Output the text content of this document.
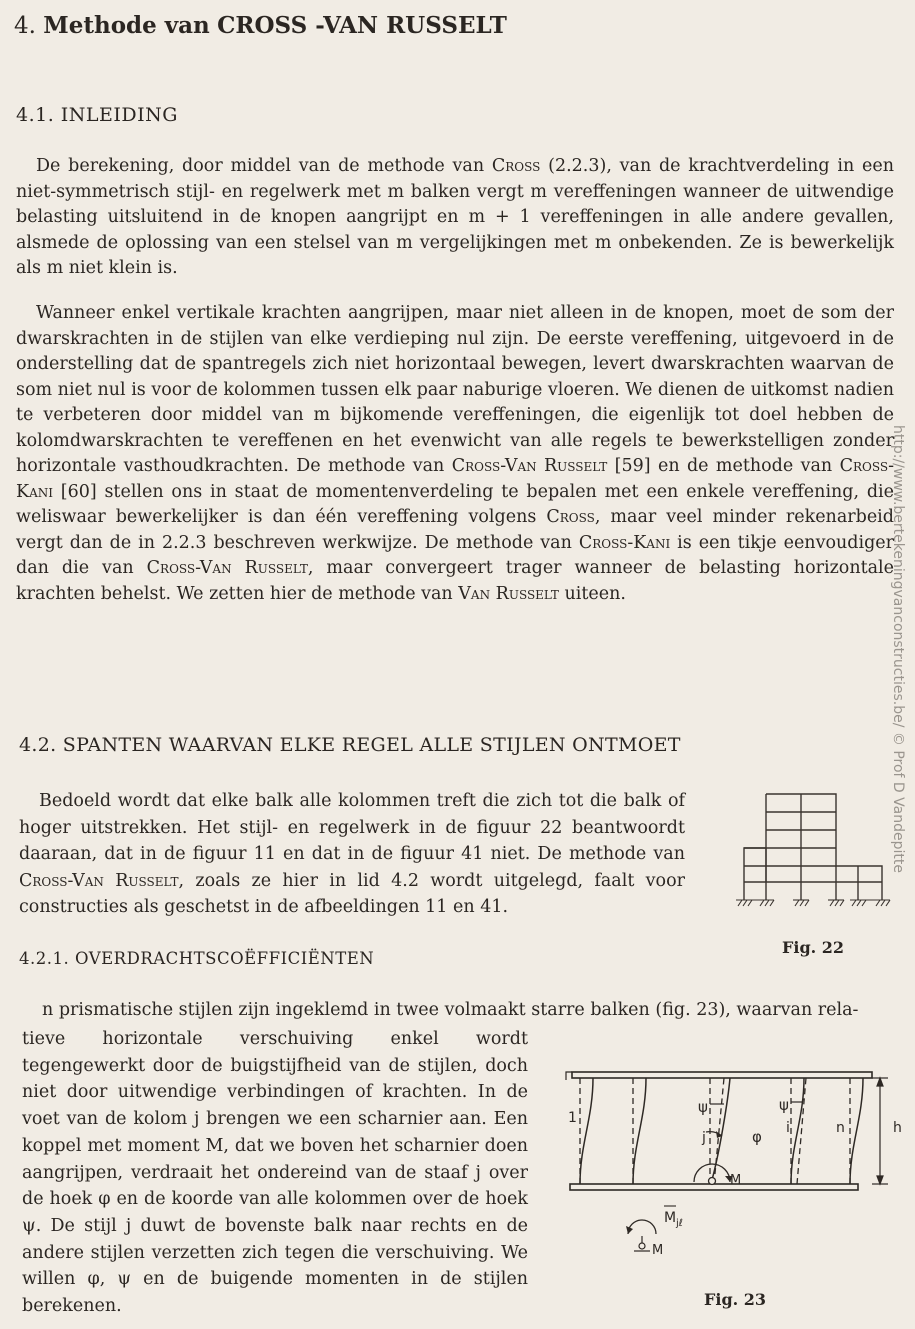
4. Methode van CROSS -VAN RUSSELT
4.1. INLEIDING

De berekening, door middel van de methode van Cross (2.2.3), van de krachtverdeling in een niet-symmetrisch stijl- en regelwerk met m balken vergt m vereffeningen wanneer de uitwendige belasting uitsluitend in de knopen aangrijpt en m + 1 vereffeningen in alle andere gevallen, alsmede de oplossing van een stelsel van m vergelijkingen met m onbekenden. Ze is bewerkelijk als m niet klein is.

Wanneer enkel vertikale krachten aangrijpen, maar niet alleen in de knopen, moet de som der dwarskrachten in de stijlen van elke verdieping nul zijn. De eerste vereffening, uitgevoerd in de onderstelling dat de spantregels zich niet horizontaal bewegen, levert dwarskrachten waarvan de som niet nul is voor de kolommen tussen elk paar naburige vloeren. We dienen de uitkomst nadien te verbeteren door middel van m bijkomende vereffeningen, die eigenlijk tot doel hebben de kolomdwarskrachten te vereffenen en het evenwicht van alle regels te bewerkstelligen zonder horizontale vasthoudkrachten. De methode van Cross-Van Russelt [59] en de methode van Cross-Kani [60] stellen ons in staat de momentenverdeling te bepalen met een enkele vereffening, die weliswaar bewerkelijker is dan één vereffening volgens Cross, maar veel minder rekenarbeid vergt dan de in 2.2.3 beschreven werkwijze. De methode van Cross-Kani is een tikje eenvoudiger dan die van Cross-Van Russelt, maar convergeert trager wanneer de belasting horizontale krachten behelst. We zetten hier de methode van Van Russelt uiteen.

4.2. SPANTEN WAARVAN ELKE REGEL ALLE STIJLEN ONTMOET

Bedoeld wordt dat elke balk alle kolommen treft die zich tot die balk of hoger uitstrekken. Het stijl- en regelwerk in de figuur 22 beantwoordt daaraan, dat in de figuur 11 en dat in de figuur 41 niet. De methode van Cross-Van Russelt, zoals ze hier in lid 4.2 wordt uitgelegd, faalt voor constructies als geschetst in de afbeeldingen 11 en 41.

Fig. 22
4.2.1. OVERDRACHTSCOËFFICIËNTEN

n prismatische stijlen zijn ingeklemd in twee volmaakt starre balken (fig. 23), waarvan rela-

tieve horizontale verschuiving enkel wordt tegengewerkt door de buigstijfheid van de stijlen, doch niet door uitwendige verbindingen of krachten. In de voet van de kolom j brengen we een scharnier aan. Een koppel met moment M, dat we boven het scharnier doen aangrijpen, verdraait het ondereind van de staaf j over de hoek φ en de koorde van alle kolommen over de hoek ψ. De stijl j duwt de bovenste balk naar rechts en de andere stijlen verzetten zich tegen die verschuiving. We willen φ, ψ en de buigende momenten in de stijlen berekenen.
1
j
i	n	h
ψ	ψ
φ
M
M jℓ
M
Fig. 23
http://www.bertekeningvanconstructies.be/ © Prof D Vandepitte
